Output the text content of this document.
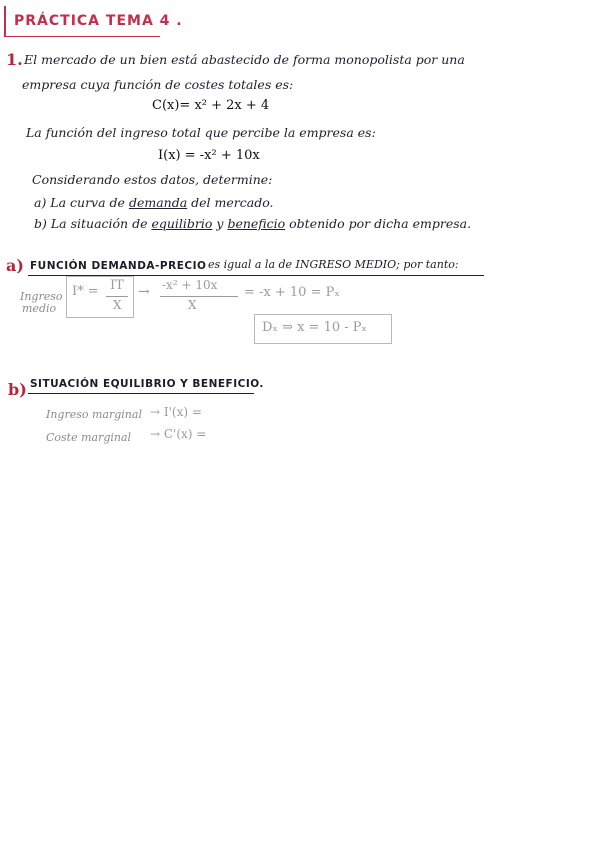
PRÁCTICA TEMA 4 .
1. El mercado de un bien está abastecido de forma monopolista por una
empresa cuya función de costes totales es:
C(x)= x² + 2x + 4
La función del ingreso total que percibe la empresa es:
I(x) = -x² + 10x
Considerando estos datos, determine:
a) La curva de demanda del mercado.
b) La situación de equilibrio y beneficio obtenido por dicha empresa.
a) FUNCIÓN DEMANDA-PRECIO es igual a la de INGRESO MEDIO; por tanto:
Ingreso
medio
I* = IT
X
→ -x² + 10x
X
= -x + 10 = Pₓ
Dₓ ⇒ x = 10 - Pₓ
b) SITUACIÓN EQUILIBRIO Y BENEFICIO.
Ingreso marginal → I'(x) =
Coste marginal → C'(x) =
